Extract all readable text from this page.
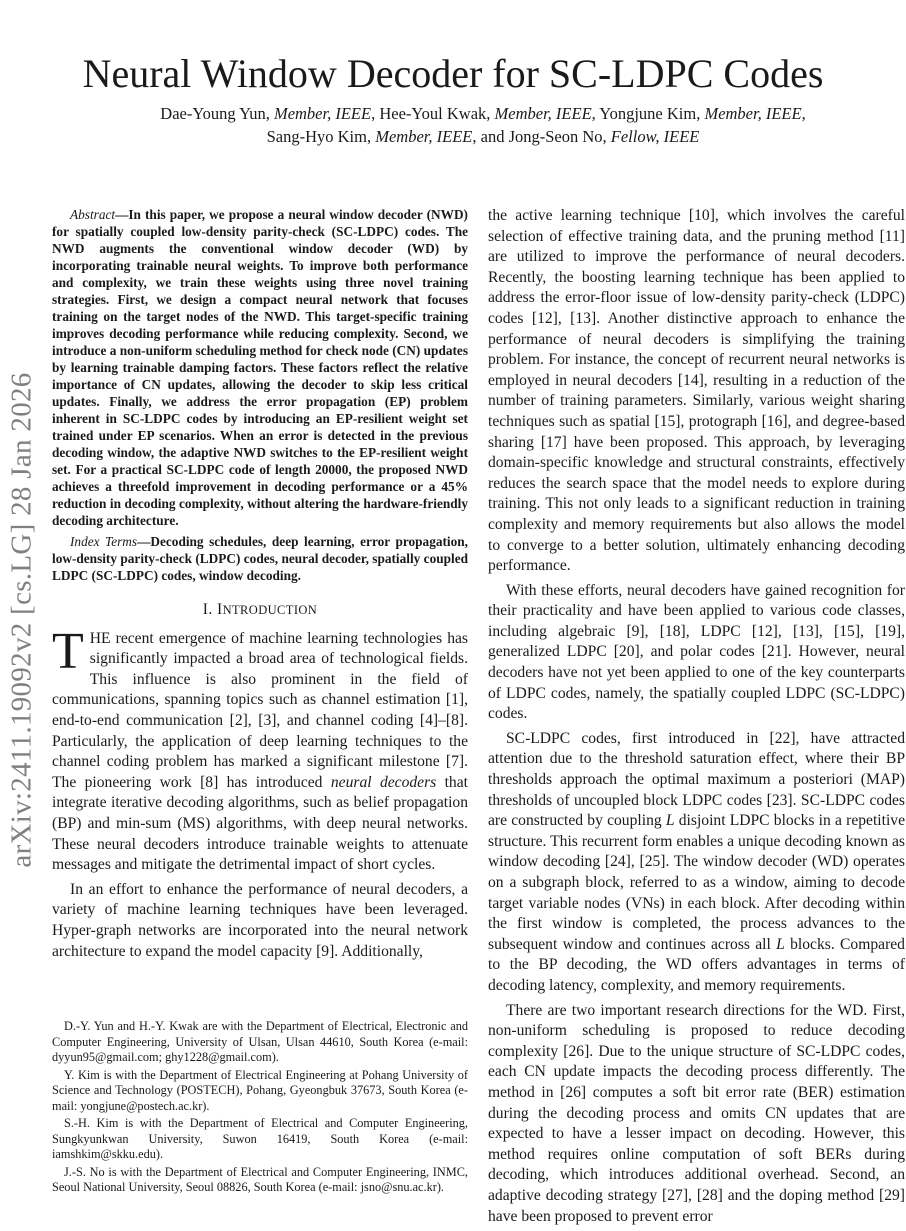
arXiv:2411.19092v2 [cs.LG] 28 Jan 2026
Neural Window Decoder for SC-LDPC Codes
Dae-Young Yun, Member, IEEE, Hee-Youl Kwak, Member, IEEE, Yongjune Kim, Member, IEEE,
Sang-Hyo Kim, Member, IEEE, and Jong-Seon No, Fellow, IEEE

Abstract—In this paper, we propose a neural window decoder (NWD) for spatially coupled low-density parity-check (SC-LDPC) codes. The NWD augments the conventional window decoder (WD) by incorporating trainable neural weights. To improve both performance and complexity, we train these weights using three novel training strategies. First, we design a compact neural network that focuses training on the target nodes of the NWD. This target-specific training improves decoding performance while reducing complexity. Second, we introduce a non-uniform scheduling method for check node (CN) updates by learning trainable damping factors. These factors reflect the relative importance of CN updates, allowing the decoder to skip less critical updates. Finally, we address the error propagation (EP) problem inherent in SC-LDPC codes by introducing an EP-resilient weight set trained under EP scenarios. When an error is detected in the previous decoding window, the adaptive NWD switches to the EP-resilient weight set. For a practical SC-LDPC code of length 20000, the proposed NWD achieves a threefold improvement in decoding performance or a 45% reduction in decoding complexity, without altering the hardware-friendly decoding architecture.

Index Terms—Decoding schedules, deep learning, error propagation, low-density parity-check (LDPC) codes, neural decoder, spatially coupled LDPC (SC-LDPC) codes, window decoding.

I. INTRODUCTION

THE recent emergence of machine learning technologies has significantly impacted a broad area of technological fields. This influence is also prominent in the field of communications, spanning topics such as channel estimation [1], end-to-end communication [2], [3], and channel coding [4]–[8]. Particularly, the application of deep learning techniques to the channel coding problem has marked a significant milestone [7]. The pioneering work [8] has introduced neural decoders that integrate iterative decoding algorithms, such as belief propagation (BP) and min-sum (MS) algorithms, with deep neural networks. These neural decoders introduce trainable weights to attenuate messages and mitigate the detrimental impact of short cycles.

In an effort to enhance the performance of neural decoders, a variety of machine learning techniques have been leveraged. Hyper-graph networks are incorporated into the neural network architecture to expand the model capacity [9]. Additionally,

D.-Y. Yun and H.-Y. Kwak are with the Department of Electrical, Electronic and Computer Engineering, University of Ulsan, Ulsan 44610, South Korea (e-mail: dyyun95@gmail.com; ghy1228@gmail.com).

Y. Kim is with the Department of Electrical Engineering at Pohang University of Science and Technology (POSTECH), Pohang, Gyeongbuk 37673, South Korea (e-mail: yongjune@postech.ac.kr).

S.-H. Kim is with the Department of Electrical and Computer Engineering, Sungkyunkwan University, Suwon 16419, South Korea (e-mail: iamshkim@skku.edu).

J.-S. No is with the Department of Electrical and Computer Engineering, INMC, Seoul National University, Seoul 08826, South Korea (e-mail: jsno@snu.ac.kr).

the active learning technique [10], which involves the careful selection of effective training data, and the pruning method [11] are utilized to improve the performance of neural decoders. Recently, the boosting learning technique has been applied to address the error-floor issue of low-density parity-check (LDPC) codes [12], [13]. Another distinctive approach to enhance the performance of neural decoders is simplifying the training problem. For instance, the concept of recurrent neural networks is employed in neural decoders [14], resulting in a reduction of the number of training parameters. Similarly, various weight sharing techniques such as spatial [15], protograph [16], and degree-based sharing [17] have been proposed. This approach, by leveraging domain-specific knowledge and structural constraints, effectively reduces the search space that the model needs to explore during training. This not only leads to a significant reduction in training complexity and memory requirements but also allows the model to converge to a better solution, ultimately enhancing decoding performance.

With these efforts, neural decoders have gained recognition for their practicality and have been applied to various code classes, including algebraic [9], [18], LDPC [12], [13], [15], [19], generalized LDPC [20], and polar codes [21]. However, neural decoders have not yet been applied to one of the key counterparts of LDPC codes, namely, the spatially coupled LDPC (SC-LDPC) codes.

SC-LDPC codes, first introduced in [22], have attracted attention due to the threshold saturation effect, where their BP thresholds approach the optimal maximum a posteriori (MAP) thresholds of uncoupled block LDPC codes [23]. SC-LDPC codes are constructed by coupling L disjoint LDPC blocks in a repetitive structure. This recurrent form enables a unique decoding known as window decoding [24], [25]. The window decoder (WD) operates on a subgraph block, referred to as a window, aiming to decode target variable nodes (VNs) in each block. After decoding within the first window is completed, the process advances to the subsequent window and continues across all L blocks. Compared to the BP decoding, the WD offers advantages in terms of decoding latency, complexity, and memory requirements.

There are two important research directions for the WD. First, non-uniform scheduling is proposed to reduce decoding complexity [26]. Due to the unique structure of SC-LDPC codes, each CN update impacts the decoding process differently. The method in [26] computes a soft bit error rate (BER) estimation during the decoding process and omits CN updates that are expected to have a lesser impact on decoding. However, this method requires online computation of soft BERs during decoding, which introduces additional overhead. Second, an adaptive decoding strategy [27], [28] and the doping method [29] have been proposed to prevent error
